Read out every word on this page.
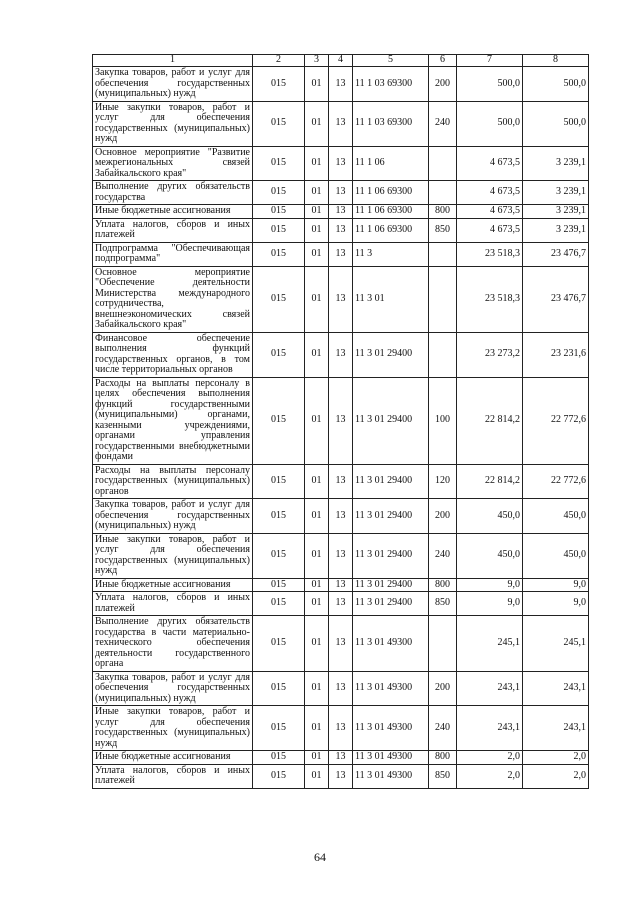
1	2	3	4	5	6	7	8
Закупка товаров, работ и услуг для обеспечения государственных (муниципальных) нужд	015	01	13	11 1 03 69300	200	500,0	500,0
Иные закупки товаров, работ и услуг для обеспечения государственных (муниципальных) нужд	015	01	13	11 1 03 69300	240	500,0	500,0
Основное мероприятие "Развитие межрегиональных связей Забайкальского края"	015	01	13	11 1 06		4 673,5	3 239,1
Выполнение других обязательств государства	015	01	13	11 1 06 69300		4 673,5	3 239,1
Иные бюджетные ассигнования	015	01	13	11 1 06 69300	800	4 673,5	3 239,1
Уплата налогов, сборов и иных платежей	015	01	13	11 1 06 69300	850	4 673,5	3 239,1
Подпрограмма "Обеспечивающая подпрограмма"	015	01	13	11 3		23 518,3	23 476,7
Основное мероприятие "Обеспечение деятельности Министерства международного сотрудничества, внешнеэкономических связей Забайкальского края"	015	01	13	11 3 01		23 518,3	23 476,7
Финансовое обеспечение выполнения функций государственных органов, в том числе территориальных органов	015	01	13	11 3 01 29400		23 273,2	23 231,6
Расходы на выплаты персоналу в целях обеспечения выполнения функций государственными (муниципальными) органами, казенными учреждениями, органами управления государственными внебюджетными фондами	015	01	13	11 3 01 29400	100	22 814,2	22 772,6
Расходы на выплаты персоналу государственных (муниципальных) органов	015	01	13	11 3 01 29400	120	22 814,2	22 772,6
Закупка товаров, работ и услуг для обеспечения государственных (муниципальных) нужд	015	01	13	11 3 01 29400	200	450,0	450,0
Иные закупки товаров, работ и услуг для обеспечения государственных (муниципальных) нужд	015	01	13	11 3 01 29400	240	450,0	450,0
Иные бюджетные ассигнования	015	01	13	11 3 01 29400	800	9,0	9,0
Уплата налогов, сборов и иных платежей	015	01	13	11 3 01 29400	850	9,0	9,0
Выполнение других обязательств государства в части материально-технического обеспечения деятельности государственного органа	015	01	13	11 3 01 49300		245,1	245,1
Закупка товаров, работ и услуг для обеспечения государственных (муниципальных) нужд	015	01	13	11 3 01 49300	200	243,1	243,1
Иные закупки товаров, работ и услуг для обеспечения государственных (муниципальных) нужд	015	01	13	11 3 01 49300	240	243,1	243,1
Иные бюджетные ассигнования	015	01	13	11 3 01 49300	800	2,0	2,0
Уплата налогов, сборов и иных платежей	015	01	13	11 3 01 49300	850	2,0	2,0
64
